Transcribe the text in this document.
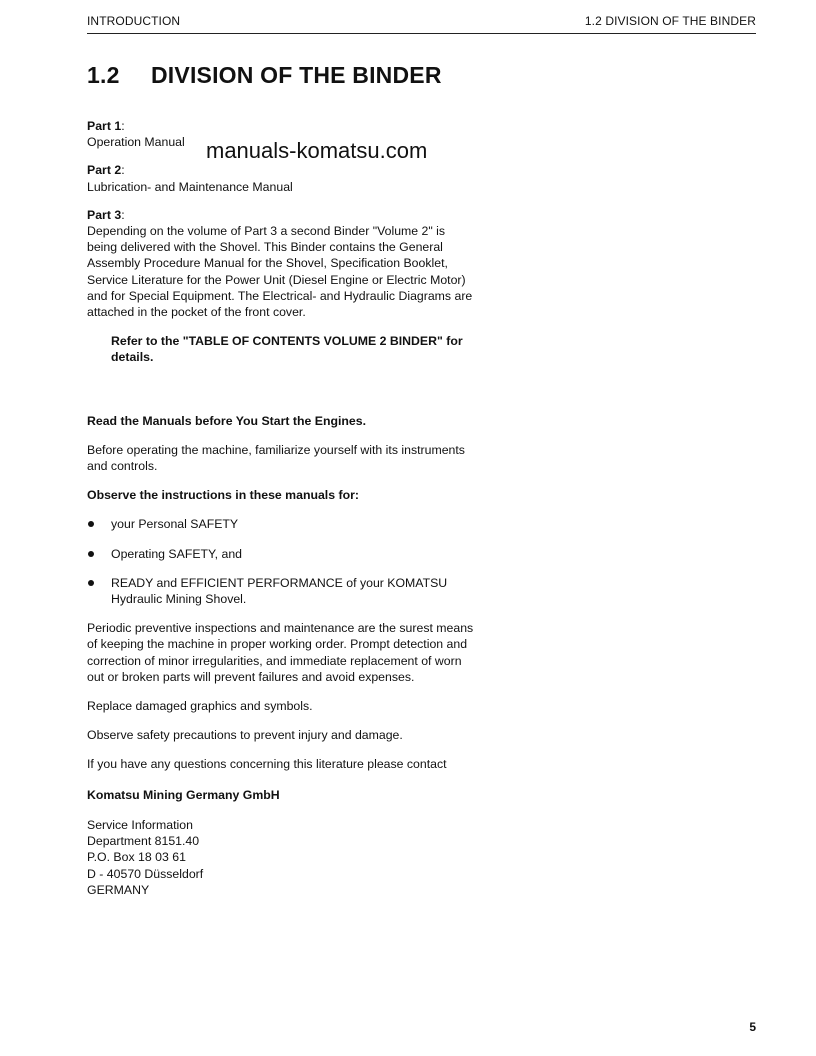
INTRODUCTION	1.2 DIVISION OF THE BINDER
1.2 DIVISION OF THE BINDER
manuals-komatsu.com

Part 1:

Operation Manual

Part 2:

Lubrication- and Maintenance Manual

Part 3:

Depending on the volume of Part 3 a second Binder "Volume 2" is being delivered with the Shovel. This Binder contains the General Assembly Procedure Manual for the Shovel, Specification Booklet, Service Literature for the Power Unit (Diesel Engine or Electric Motor) and for Special Equipment. The Electrical- and Hydraulic Diagrams are attached in the pocket of the front cover.

Refer to the "TABLE OF CONTENTS VOLUME 2 BINDER" for details.

Read the Manuals before You Start the Engines.

Before operating the machine, familiarize yourself with its instruments and controls.

Observe the instructions in these manuals for:

your Personal SAFETY
Operating SAFETY, and
READY and EFFICIENT PERFORMANCE of your KOMATSU Hydraulic Mining Shovel.

Periodic preventive inspections and maintenance are the surest means of keeping the machine in proper working order. Prompt detection and correction of minor irregularities, and immediate replacement of worn out or broken parts will prevent failures and avoid expenses.

Replace damaged graphics and symbols.

Observe safety precautions to prevent injury and damage.

If you have any questions concerning this literature please contact

Komatsu Mining Germany GmbH

Service Information

Department 8151.40

P.O. Box 18 03 61

D - 40570 Düsseldorf

GERMANY

5
